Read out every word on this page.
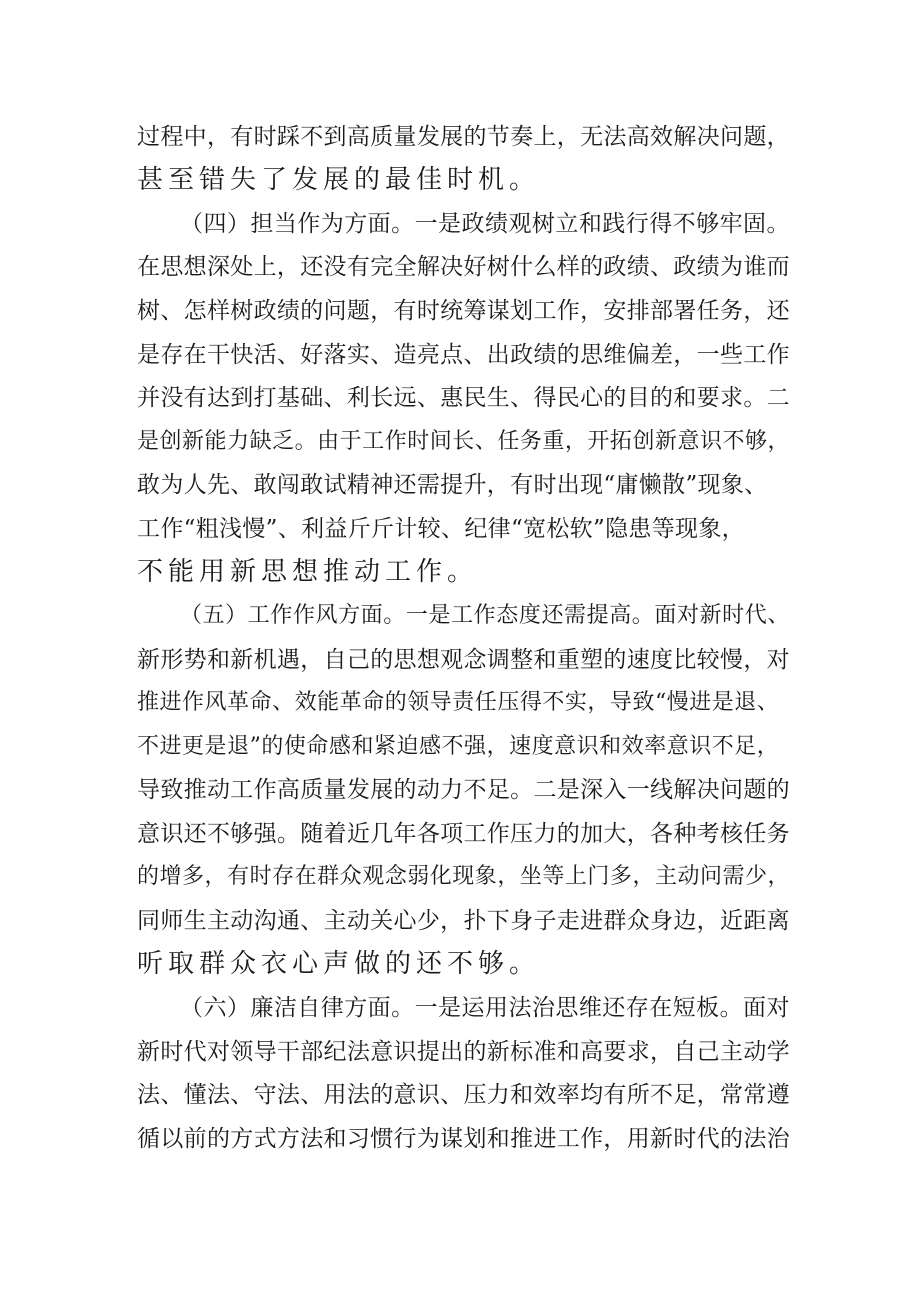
过程中，有时踩不到高质量发展的节奏上，无法高效解决问题，
甚至错失了发展的最佳时机。
（四）担当作为方面。一是政绩观树立和践行得不够牢固。
在思想深处上，还没有完全解决好树什么样的政绩、政绩为谁而
树、怎样树政绩的问题，有时统筹谋划工作，安排部署任务，还
是存在干快活、好落实、造亮点、出政绩的思维偏差，一些工作
并没有达到打基础、利长远、惠民生、得民心的目的和要求。二
是创新能力缺乏。由于工作时间长、任务重，开拓创新意识不够，
敢为人先、敢闯敢试精神还需提升，有时出现“庸懒散”现象、
工作“粗浅慢”、利益斤斤计较、纪律“宽松软”隐患等现象，
不能用新思想推动工作。
（五）工作作风方面。一是工作态度还需提高。面对新时代、
新形势和新机遇，自己的思想观念调整和重塑的速度比较慢，对
推进作风革命、效能革命的领导责任压得不实，导致“慢进是退、
不进更是退”的使命感和紧迫感不强，速度意识和效率意识不足，
导致推动工作高质量发展的动力不足。二是深入一线解决问题的
意识还不够强。随着近几年各项工作压力的加大，各种考核任务
的增多，有时存在群众观念弱化现象，坐等上门多，主动问需少，
同师生主动沟通、主动关心少，扑下身子走进群众身边，近距离
听取群众衣心声做的还不够。
（六）廉洁自律方面。一是运用法治思维还存在短板。面对
新时代对领导干部纪法意识提出的新标准和高要求，自己主动学
法、懂法、守法、用法的意识、压力和效率均有所不足，常常遵
循以前的方式方法和习惯行为谋划和推进工作，用新时代的法治
